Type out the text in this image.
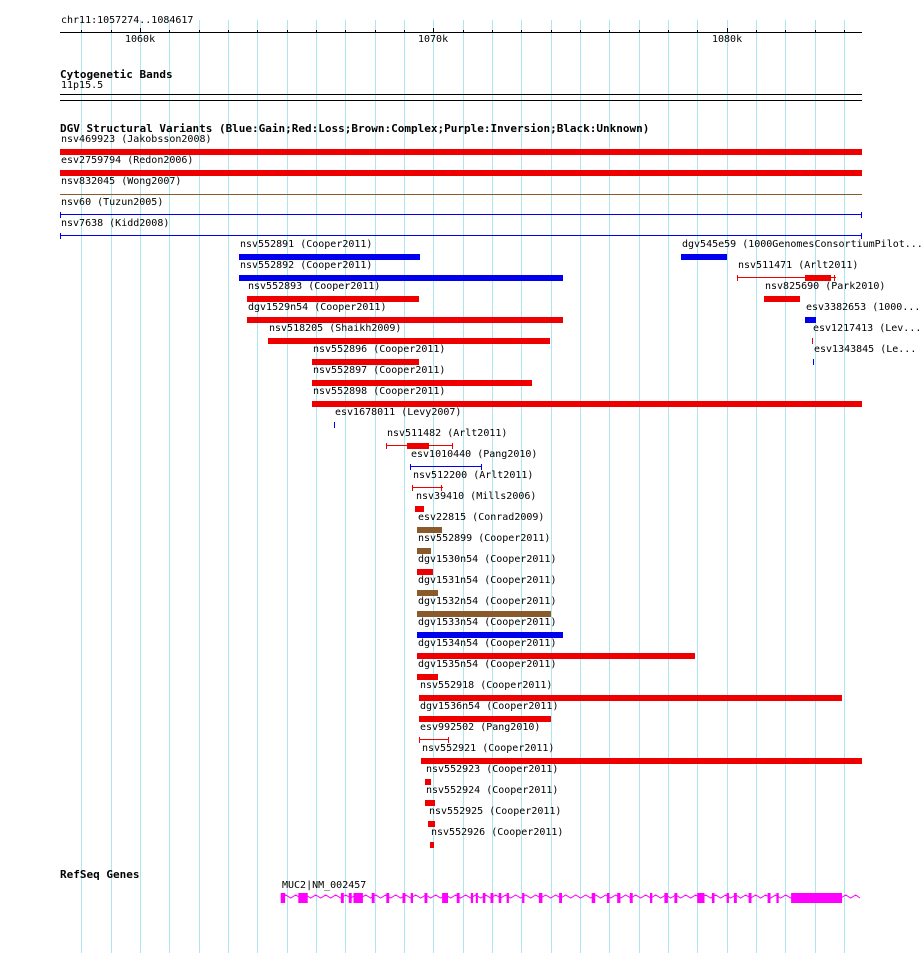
chr11:1057274..1084617
1060k	1070k	1080k
Cytogenetic Bands
11p15.5
DGV Structural Variants (Blue:Gain;Red:Loss;Brown:Complex;Purple:Inversion;Black:Unknown)
nsv469923 (Jakobsson2008)
esv2759794 (Redon2006)
nsv832045 (Wong2007)
nsv60 (Tuzun2005)
nsv7638 (Kidd2008)
nsv552891 (Cooper2011)	dgv545e59 (1000GenomesConsortiumPilot...
nsv552892 (Cooper2011)	nsv511471 (Arlt2011)
nsv552893 (Cooper2011)	nsv825690 (Park2010)
dgv1529n54 (Cooper2011)	esv3382653 (1000...
nsv518205 (Shaikh2009)	esv1217413 (Lev...
nsv552896 (Cooper2011)	esv1343845 (Le...
nsv552897 (Cooper2011)
nsv552898 (Cooper2011)
esv1678011 (Levy2007)
nsv511482 (Arlt2011)
esv1010440 (Pang2010)
nsv512200 (Arlt2011)
nsv39410 (Mills2006)
esv22815 (Conrad2009)
nsv552899 (Cooper2011)
dgv1530n54 (Cooper2011)
dgv1531n54 (Cooper2011)
dgv1532n54 (Cooper2011)
dgv1533n54 (Cooper2011)
dgv1534n54 (Cooper2011)
dgv1535n54 (Cooper2011)
nsv552918 (Cooper2011)
dgv1536n54 (Cooper2011)
esv992502 (Pang2010)
nsv552921 (Cooper2011)
nsv552923 (Cooper2011)
nsv552924 (Cooper2011)
nsv552925 (Cooper2011)
nsv552926 (Cooper2011)
RefSeq Genes
MUC2|NM_002457
